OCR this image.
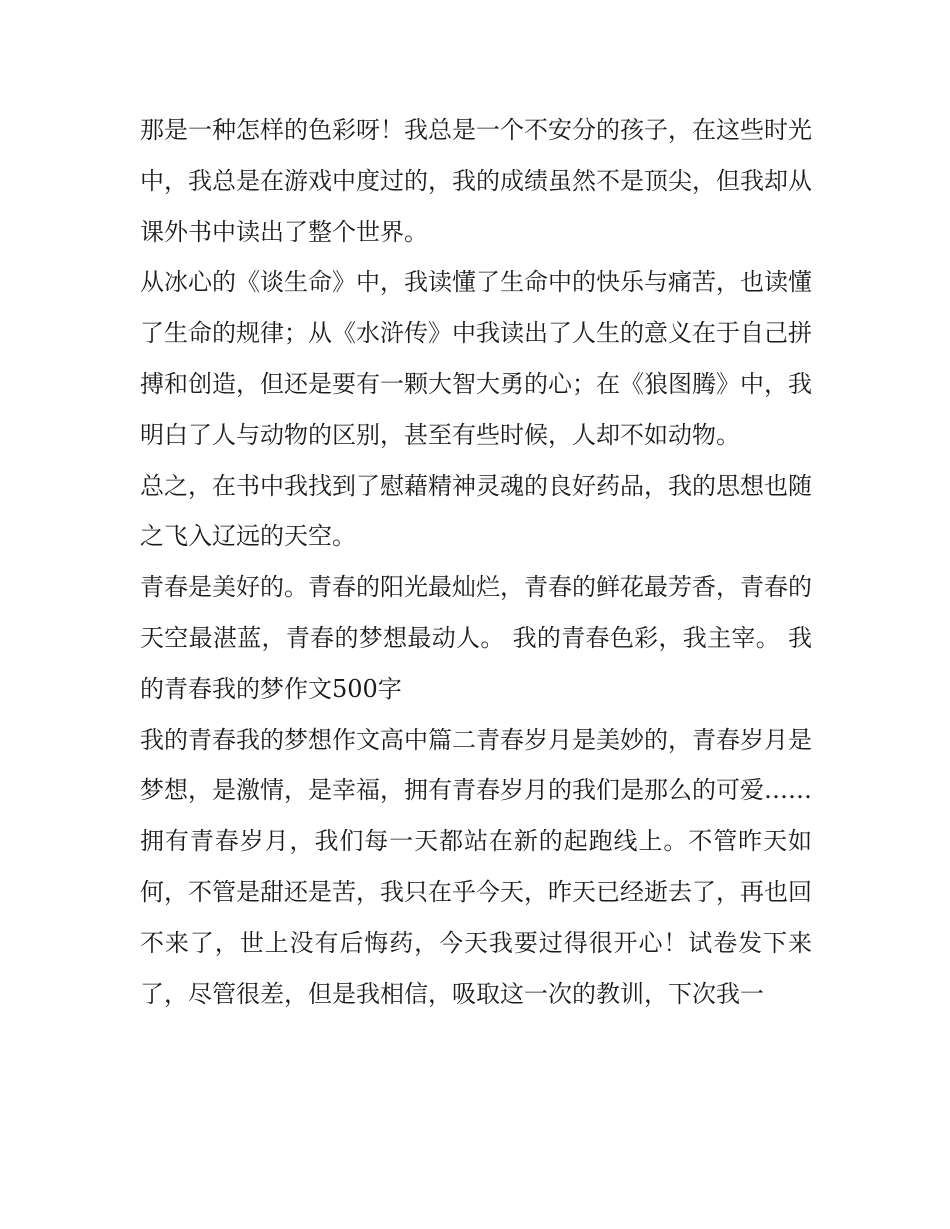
那是一种怎样的色彩呀！我总是一个不安分的孩子，在这些时光中，我总是在游戏中度过的，我的成绩虽然不是顶尖，但我却从课外书中读出了整个世界。

从冰心的《谈生命》中，我读懂了生命中的快乐与痛苦，也读懂了生命的规律；从《水浒传》中我读出了人生的意义在于自己拼搏和创造，但还是要有一颗大智大勇的心；在《狼图腾》中，我明白了人与动物的区别，甚至有些时候，人却不如动物。

总之，在书中我找到了慰藉精神灵魂的良好药品，我的思想也随之飞入辽远的天空。

青春是美好的。青春的阳光最灿烂，青春的鲜花最芳香，青春的天空最湛蓝，青春的梦想最动人。 我的青春色彩，我主宰。 我的青春我的梦作文500字

我的青春我的梦想作文高中篇二青春岁月是美妙的，青春岁月是梦想，是激情，是幸福，拥有青春岁月的我们是那么的可爱……

拥有青春岁月，我们每一天都站在新的起跑线上。不管昨天如何，不管是甜还是苦，我只在乎今天，昨天已经逝去了，再也回不来了，世上没有后悔药，今天我要过得很开心！试卷发下来了，尽管很差，但是我相信，吸取这一次的教训，下次我一
